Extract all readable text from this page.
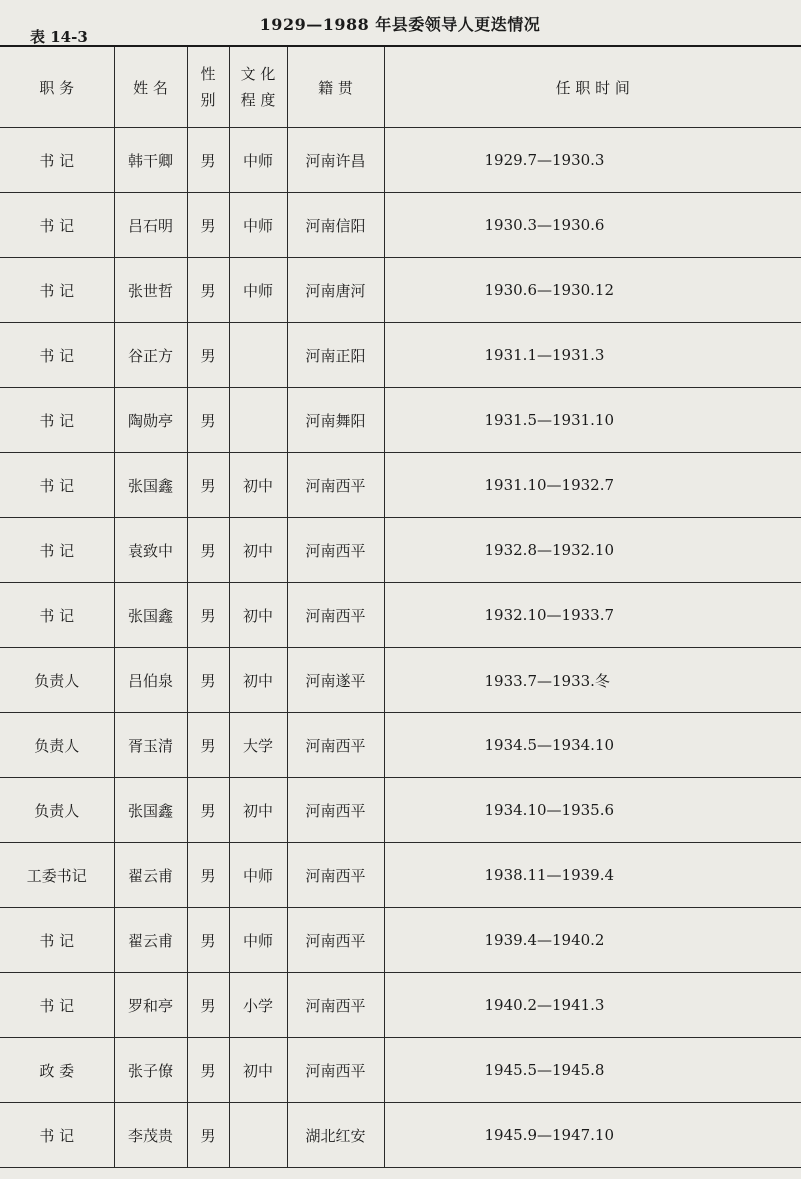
表 14-3
1929—1988 年县委领导人更迭情况
职 务	姓 名	性
别	文 化
程 度	籍 贯	任 职 时 间
书 记	韩干卿	男	中师	河南许昌	1929.7—1930.3
书 记	吕石明	男	中师	河南信阳	1930.3—1930.6
书 记	张世哲	男	中师	河南唐河	1930.6—1930.12
书 记	谷正方	男		河南正阳	1931.1—1931.3
书 记	陶勋亭	男		河南舞阳	1931.5—1931.10
书 记	张国鑫	男	初中	河南西平	1931.10—1932.7
书 记	袁致中	男	初中	河南西平	1932.8—1932.10
书 记	张国鑫	男	初中	河南西平	1932.10—1933.7
负责人	吕伯泉	男	初中	河南遂平	1933.7—1933.冬
负责人	胥玉清	男	大学	河南西平	1934.5—1934.10
负责人	张国鑫	男	初中	河南西平	1934.10—1935.6
工委书记	翟云甫	男	中师	河南西平	1938.11—1939.4
书 记	翟云甫	男	中师	河南西平	1939.4—1940.2
书 记	罗和亭	男	小学	河南西平	1940.2—1941.3
政 委	张子僚	男	初中	河南西平	1945.5—1945.8
书 记	李茂贵	男		湖北红安	1945.9—1947.10
